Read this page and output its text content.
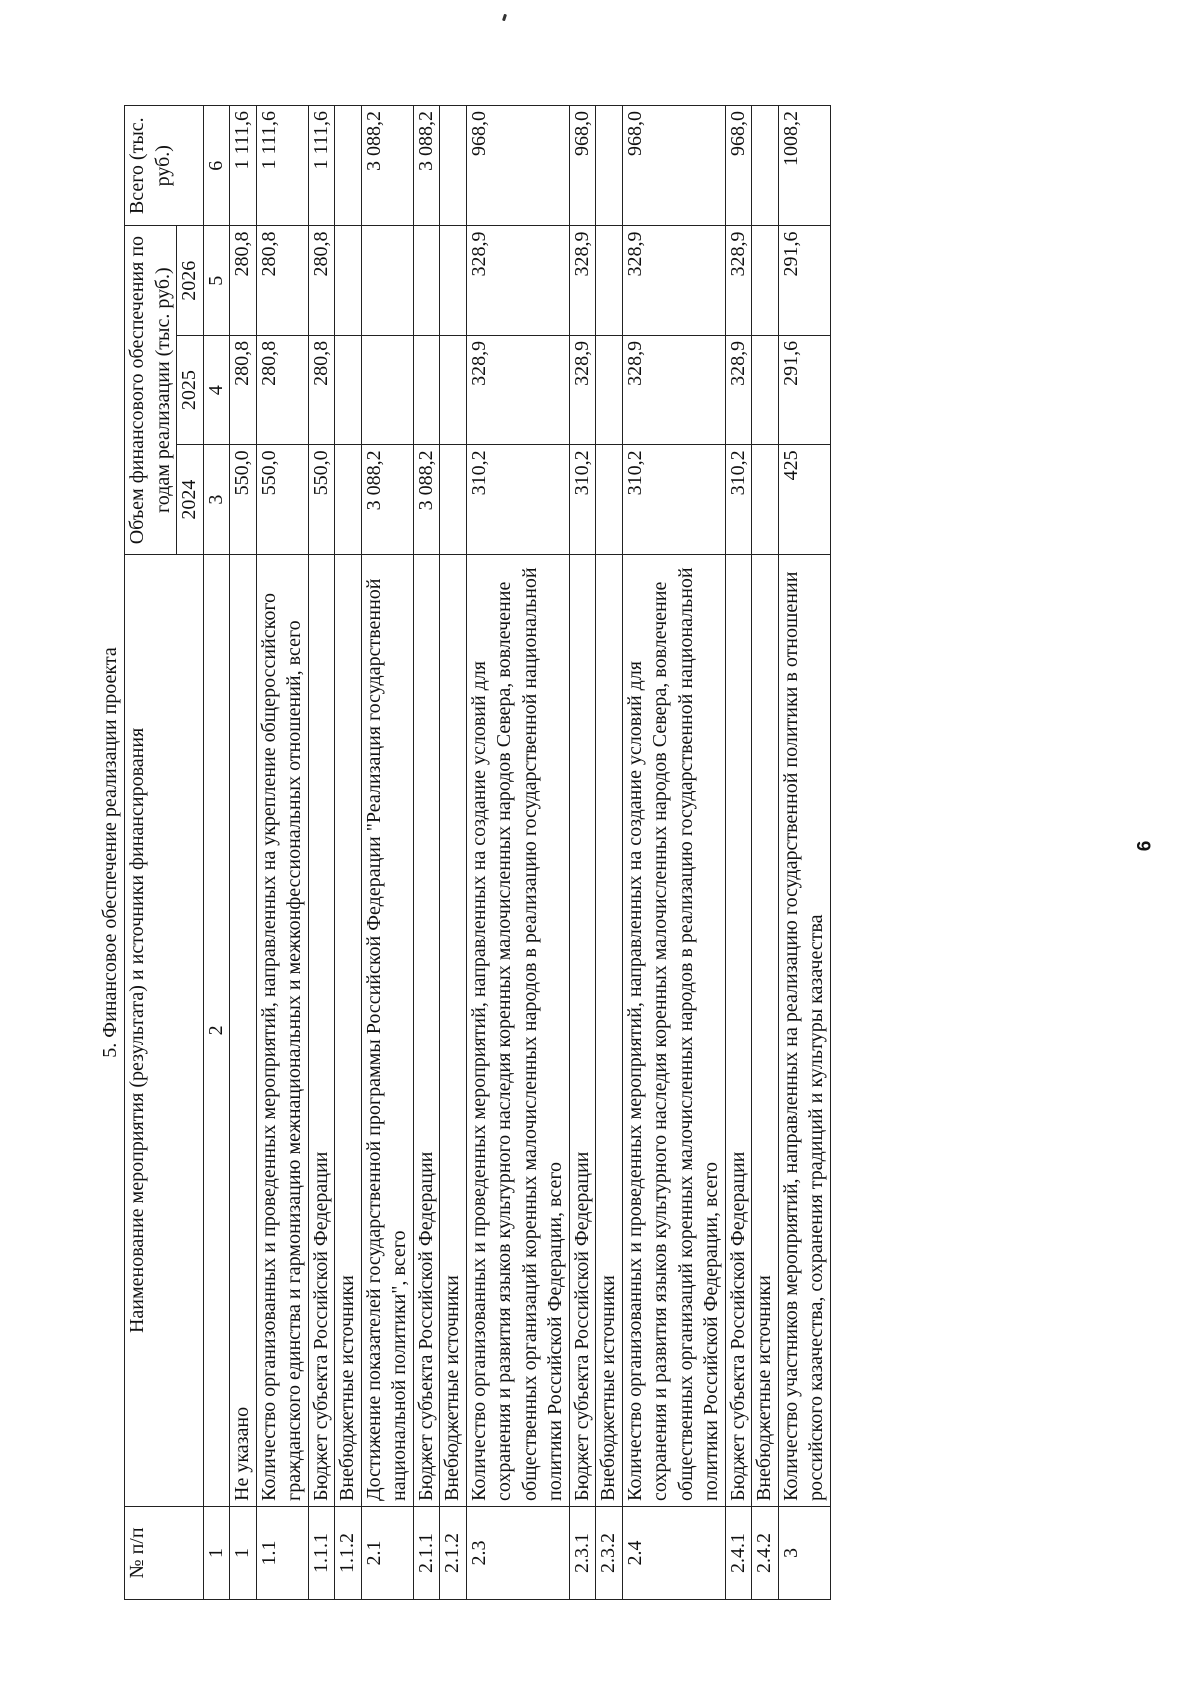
5. Финансовое обеспечение реализации проекта
№ п/п	Наименование мероприятия (результата) и источники финансирования	Объем финансового обеспечения по годам реализации (тыс. руб.)			Всего (тыс. руб.)
		2024	2025	2026	
1	2	3	4	5	6
1	Не указано	550,0	280,8	280,8	1 111,6
1.1	Количество организованных и проведенных мероприятий, направленных на укрепление общероссийского гражданского единства и гармонизацию межнациональных и межконфессиональных отношений, всего	550,0	280,8	280,8	1 111,6
1.1.1	Бюджет субъекта Российской Федерации	550,0	280,8	280,8	1 111,6
1.1.2	Внебюджетные источники				
2.1	Достижение показателей государственной программы Российской Федерации "Реализация государственной национальной политики", всего	3 088,2			3 088,2
2.1.1	Бюджет субъекта Российской Федерации	3 088,2			3 088,2
2.1.2	Внебюджетные источники				
2.3	Количество организованных и проведенных мероприятий, направленных на создание условий для сохранения и развития языков культурного наследия коренных малочисленных народов Севера, вовлечение общественных организаций коренных малочисленных народов в реализацию государственной национальной политики Российской Федерации, всего	310,2	328,9	328,9	968,0
2.3.1	Бюджет субъекта Российской Федерации	310,2	328,9	328,9	968,0
2.3.2	Внебюджетные источники				
2.4	Количество организованных и проведенных мероприятий, направленных на создание условий для сохранения и развития языков культурного наследия коренных малочисленных народов Севера, вовлечение общественных организаций коренных малочисленных народов в реализацию государственной национальной политики Российской Федерации, всего	310,2	328,9	328,9	968,0
2.4.1	Бюджет субъекта Российской Федерации	310,2	328,9	328,9	968,0
2.4.2	Внебюджетные источники				
3	Количество участников мероприятий, направленных на реализацию государственной политики в отношении российского казачества, сохранения традиций и культуры казачества	425	291,6	291,6	1008,2
6
